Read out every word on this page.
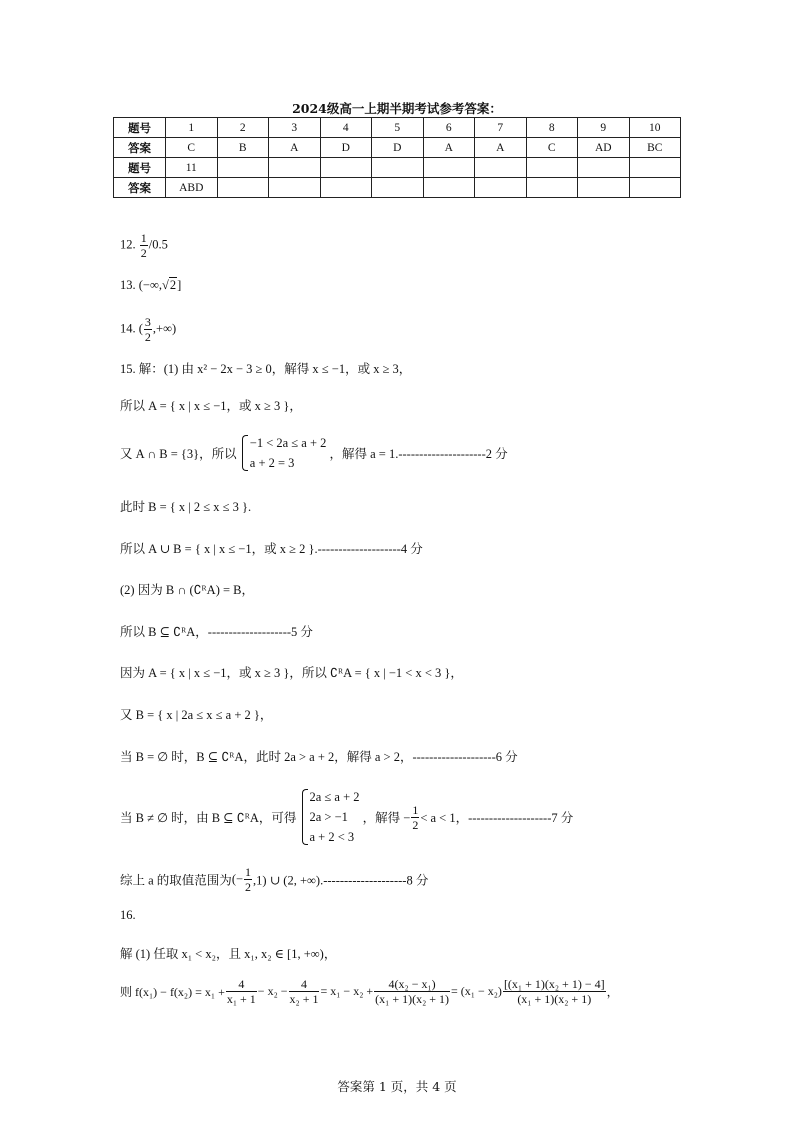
2024级高一上期半期考试参考答案：
题号	1	2	3	4	5	6	7	8	9	10
答案	C	B	A	D	D	A	A	C	AD	BC
题号	11									
答案	ABD									
12. $\frac{1}{2} /0.5$
13. (−∞,√2]
14. ( $\frac{3}{2}$ ,+∞)
15. 解：(1) 由 x² − 2x − 3 ≥ 0，解得 x ≤ −1，或 x ≥ 3，
所以 A = { x | x ≤ −1，或 x ≥ 3 }，
又 A ∩ B = {3}，所以
−1 < 2a ≤ a + 2
a + 2 = 3
，解得 a = 1.---------------------2 分
此时 B = { x | 2 ≤ x ≤ 3 }.
所以 A ∪ B = { x | x ≤ −1，或 x ≥ 2 }.--------------------4 分
(2) 因为 B ∩ (∁ᴿA) = B，
所以 B ⊆ ∁ᴿA，--------------------5 分
因为 A = { x | x ≤ −1，或 x ≥ 3 }，所以 ∁ᴿA = { x | −1 < x < 3 }，
又 B = { x | 2a ≤ x ≤ a + 2 }，
当 B = ∅ 时，B ⊆ ∁ᴿA，此时 2a > a + 2，解得 a > 2，--------------------6 分
当 B ≠ ∅ 时，由 B ⊆ ∁ᴿA，可得
2a ≤ a + 2
2a > −1
a + 2 < 3
，解得 − $\frac{1}{2} < a < 1$，--------------------7 分
综上 a 的取值范围为(− $\frac{1}{2} ,1$) ∪ (2, +∞).--------------------8 分
16.
解 (1) 任取 x₁ < x₂，且 x₁, x₂ ∈ [1, +∞)，
则 $f(x_1) - f(x_2) = x_1 + \frac{4}{\text{x₁ + 1}} - x_2 - \frac{4}{\text{x₂ + 1}} = x_1 - x_2 + \frac{\text{4(x₂ − x₁)}}{\text{(x₁ + 1)(x₂ + 1)}} = (x_1 - x_2) \frac{\text{[(x₁ + 1)(x₂ + 1) − 4]}}{\text{(x₁ + 1)(x₂ + 1)}}$ ，
答案第 1 页，共 4 页
